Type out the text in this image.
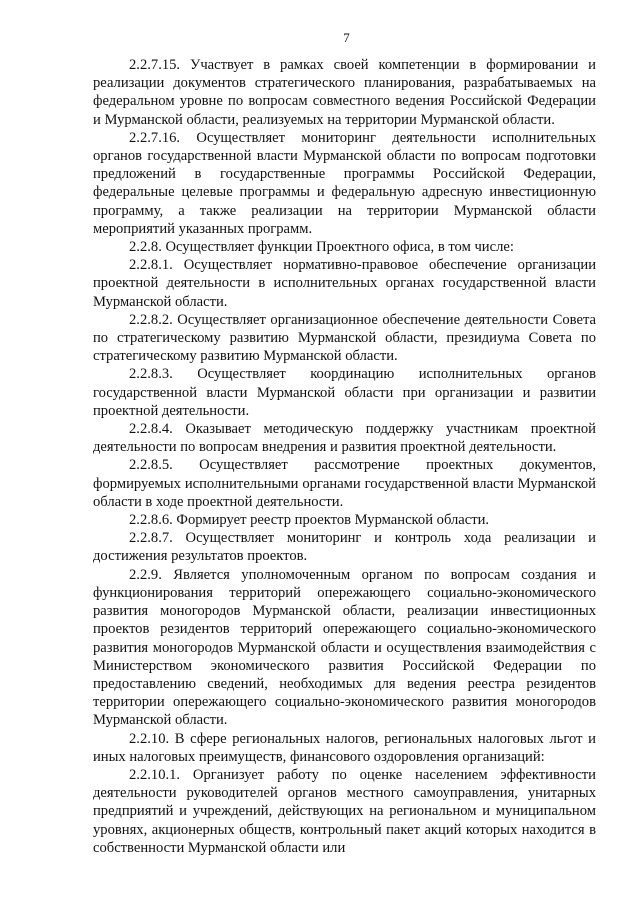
7

2.2.7.15. Участвует в рамках своей компетенции в формировании и реализации документов стратегического планирования, разрабатываемых на федеральном уровне по вопросам совместного ведения Российской Федерации и Мурманской области, реализуемых на территории Мурманской области.

2.2.7.16. Осуществляет мониторинг деятельности исполнительных органов государственной власти Мурманской области по вопросам подготовки предложений в государственные программы Российской Федерации, федеральные целевые программы и федеральную адресную инвестиционную программу, а также реализации на территории Мурманской области мероприятий указанных программ.

2.2.8. Осуществляет функции Проектного офиса, в том числе:

2.2.8.1. Осуществляет нормативно-правовое обеспечение организации проектной деятельности в исполнительных органах государственной власти Мурманской области.

2.2.8.2. Осуществляет организационное обеспечение деятельности Совета по стратегическому развитию Мурманской области, президиума Совета по стратегическому развитию Мурманской области.

2.2.8.3. Осуществляет координацию исполнительных органов государственной власти Мурманской области при организации и развитии проектной деятельности.

2.2.8.4. Оказывает методическую поддержку участникам проектной деятельности по вопросам внедрения и развития проектной деятельности.

2.2.8.5. Осуществляет рассмотрение проектных документов, формируемых исполнительными органами государственной власти Мурманской области в ходе проектной деятельности.

2.2.8.6. Формирует реестр проектов Мурманской области.

2.2.8.7. Осуществляет мониторинг и контроль хода реализации и достижения результатов проектов.

2.2.9. Является уполномоченным органом по вопросам создания и функционирования территорий опережающего социально-экономического развития моногородов Мурманской области, реализации инвестиционных проектов резидентов территорий опережающего социально-экономического развития моногородов Мурманской области и осуществления взаимодействия с Министерством экономического развития Российской Федерации по предоставлению сведений, необходимых для ведения реестра резидентов территории опережающего социально-экономического развития моногородов Мурманской области.

2.2.10. В сфере региональных налогов, региональных налоговых льгот и иных налоговых преимуществ, финансового оздоровления организаций:

2.2.10.1. Организует работу по оценке населением эффективности деятельности руководителей органов местного самоуправления, унитарных предприятий и учреждений, действующих на региональном и муниципальном уровнях, акционерных обществ, контрольный пакет акций которых находится в собственности Мурманской области или
